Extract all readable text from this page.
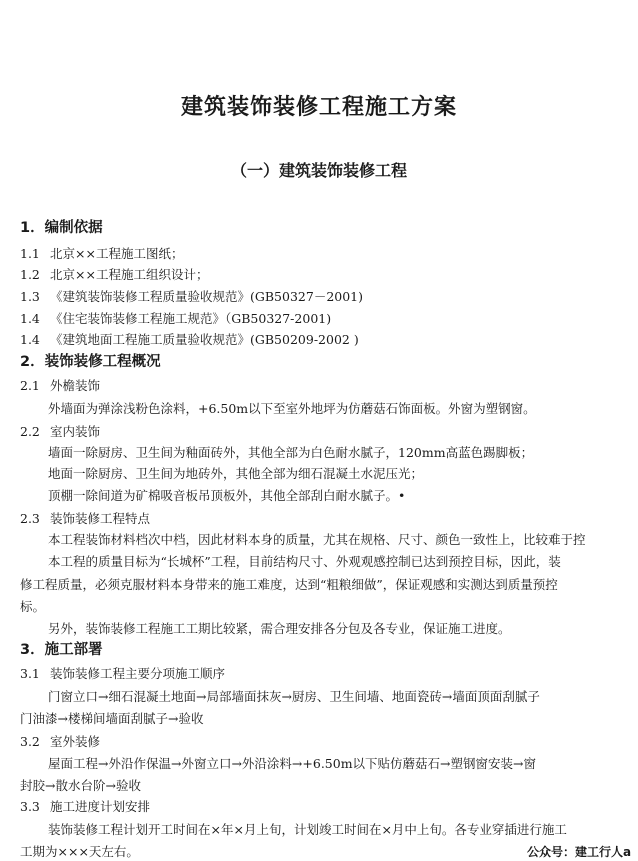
建筑装饰装修工程施工方案
（一）建筑装饰装修工程
1．编制依据
1.1 北京××工程施工图纸；
1.2 北京××工程施工组织设计；
1.3 《建筑装饰装修工程质量验收规范》(GB50327－2001)
1.4 《住宅装饰装修工程施工规范》（GB50327-2001)
1.4 《建筑地面工程施工质量验收规范》(GB50209-2002 )
2．装饰装修工程概况
2.1 外檐装饰
外墙面为弹涂浅粉色涂料，+6.50m以下至室外地坪为仿蘑菇石饰面板。外窗为塑钢窗。
2.2 室内装饰
墙面一除厨房、卫生间为釉面砖外，其他全部为白色耐水腻子，120mm高蓝色踢脚板；
地面一除厨房、卫生间为地砖外，其他全部为细石混凝土水泥压光；
顶棚一除间道为矿棉吸音板吊顶板外，其他全部刮白耐水腻子。•
2.3 装饰装修工程特点
本工程装饰材料档次中档，因此材料本身的质量，尤其在规格、尺寸、颜色一致性上，比较难于控
本工程的质量目标为“长城杯”工程，目前结构尺寸、外观观感控制已达到预控目标，因此，装
修工程质量，必须克服材料本身带来的施工难度，达到“粗粮细做”，保证观感和实测达到质量预控
标。
另外，装饰装修工程施工工期比较紧，需合理安排各分包及各专业，保证施工进度。
3．施工部署
3.1 装饰装修工程主要分项施工顺序
门窗立口→细石混凝土地面→局部墙面抹灰→厨房、卫生间墙、地面瓷砖→墙面顶面刮腻子
门油漆→楼梯间墙面刮腻子→验收
3.2 室外装修
屋面工程→外沿作保温→外窗立口→外沿涂料→+6.50m以下贴仿蘑菇石→塑钢窗安装→窗
封胶→散水台阶→验收
3.3 施工进度计划安排
装饰装修工程计划开工时间在×年×月上旬，计划竣工时间在×月中上旬。各专业穿插进行施工
工期为×××天左右。	公众号：建工行人a
